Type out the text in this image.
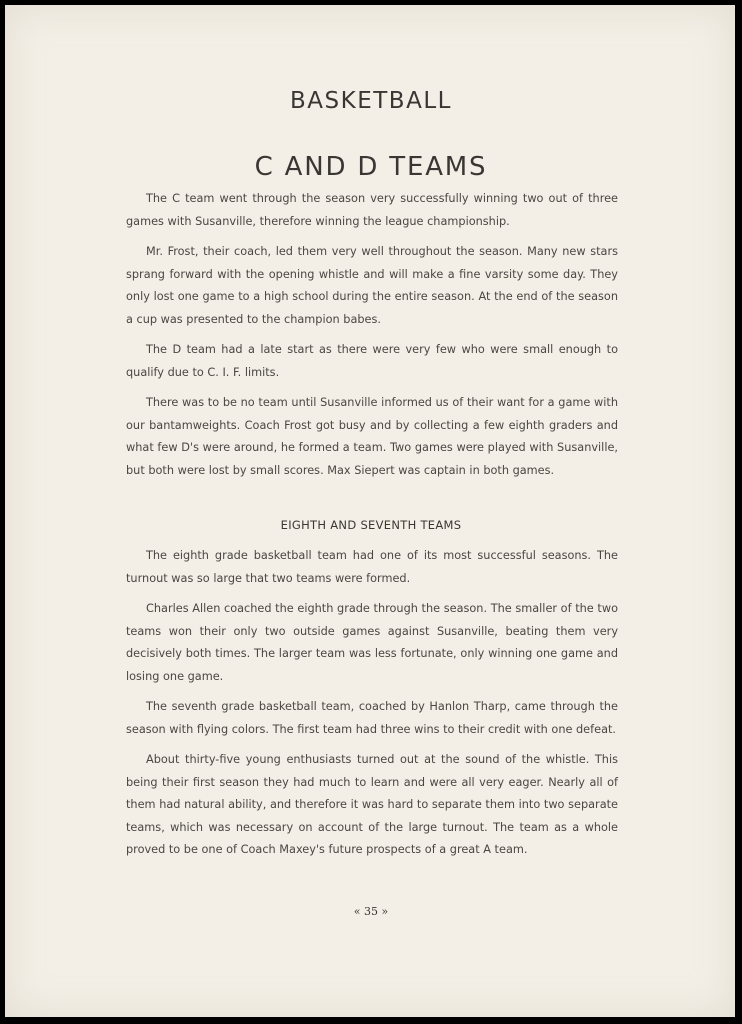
BASKETBALL
C AND D TEAMS

The C team went through the season very successfully winning two out of three games with Susanville, therefore winning the league championship.

Mr. Frost, their coach, led them very well throughout the season. Many new stars sprang forward with the opening whistle and will make a fine varsity some day. They only lost one game to a high school during the entire season. At the end of the season a cup was presented to the champion babes.

The D team had a late start as there were very few who were small enough to qualify due to C. I. F. limits.

There was to be no team until Susanville informed us of their want for a game with our bantamweights. Coach Frost got busy and by collecting a few eighth graders and what few D's were around, he formed a team. Two games were played with Susanville, but both were lost by small scores. Max Siepert was captain in both games.

EIGHTH AND SEVENTH TEAMS

The eighth grade basketball team had one of its most successful seasons. The turnout was so large that two teams were formed.

Charles Allen coached the eighth grade through the season. The smaller of the two teams won their only two outside games against Susanville, beating them very decisively both times. The larger team was less fortunate, only winning one game and losing one game.

The seventh grade basketball team, coached by Hanlon Tharp, came through the season with flying colors. The first team had three wins to their credit with one defeat.

About thirty-five young enthusiasts turned out at the sound of the whistle. This being their first season they had much to learn and were all very eager. Nearly all of them had natural ability, and therefore it was hard to separate them into two separate teams, which was necessary on account of the large turnout. The team as a whole proved to be one of Coach Maxey's future prospects of a great A team.

« 35 »
